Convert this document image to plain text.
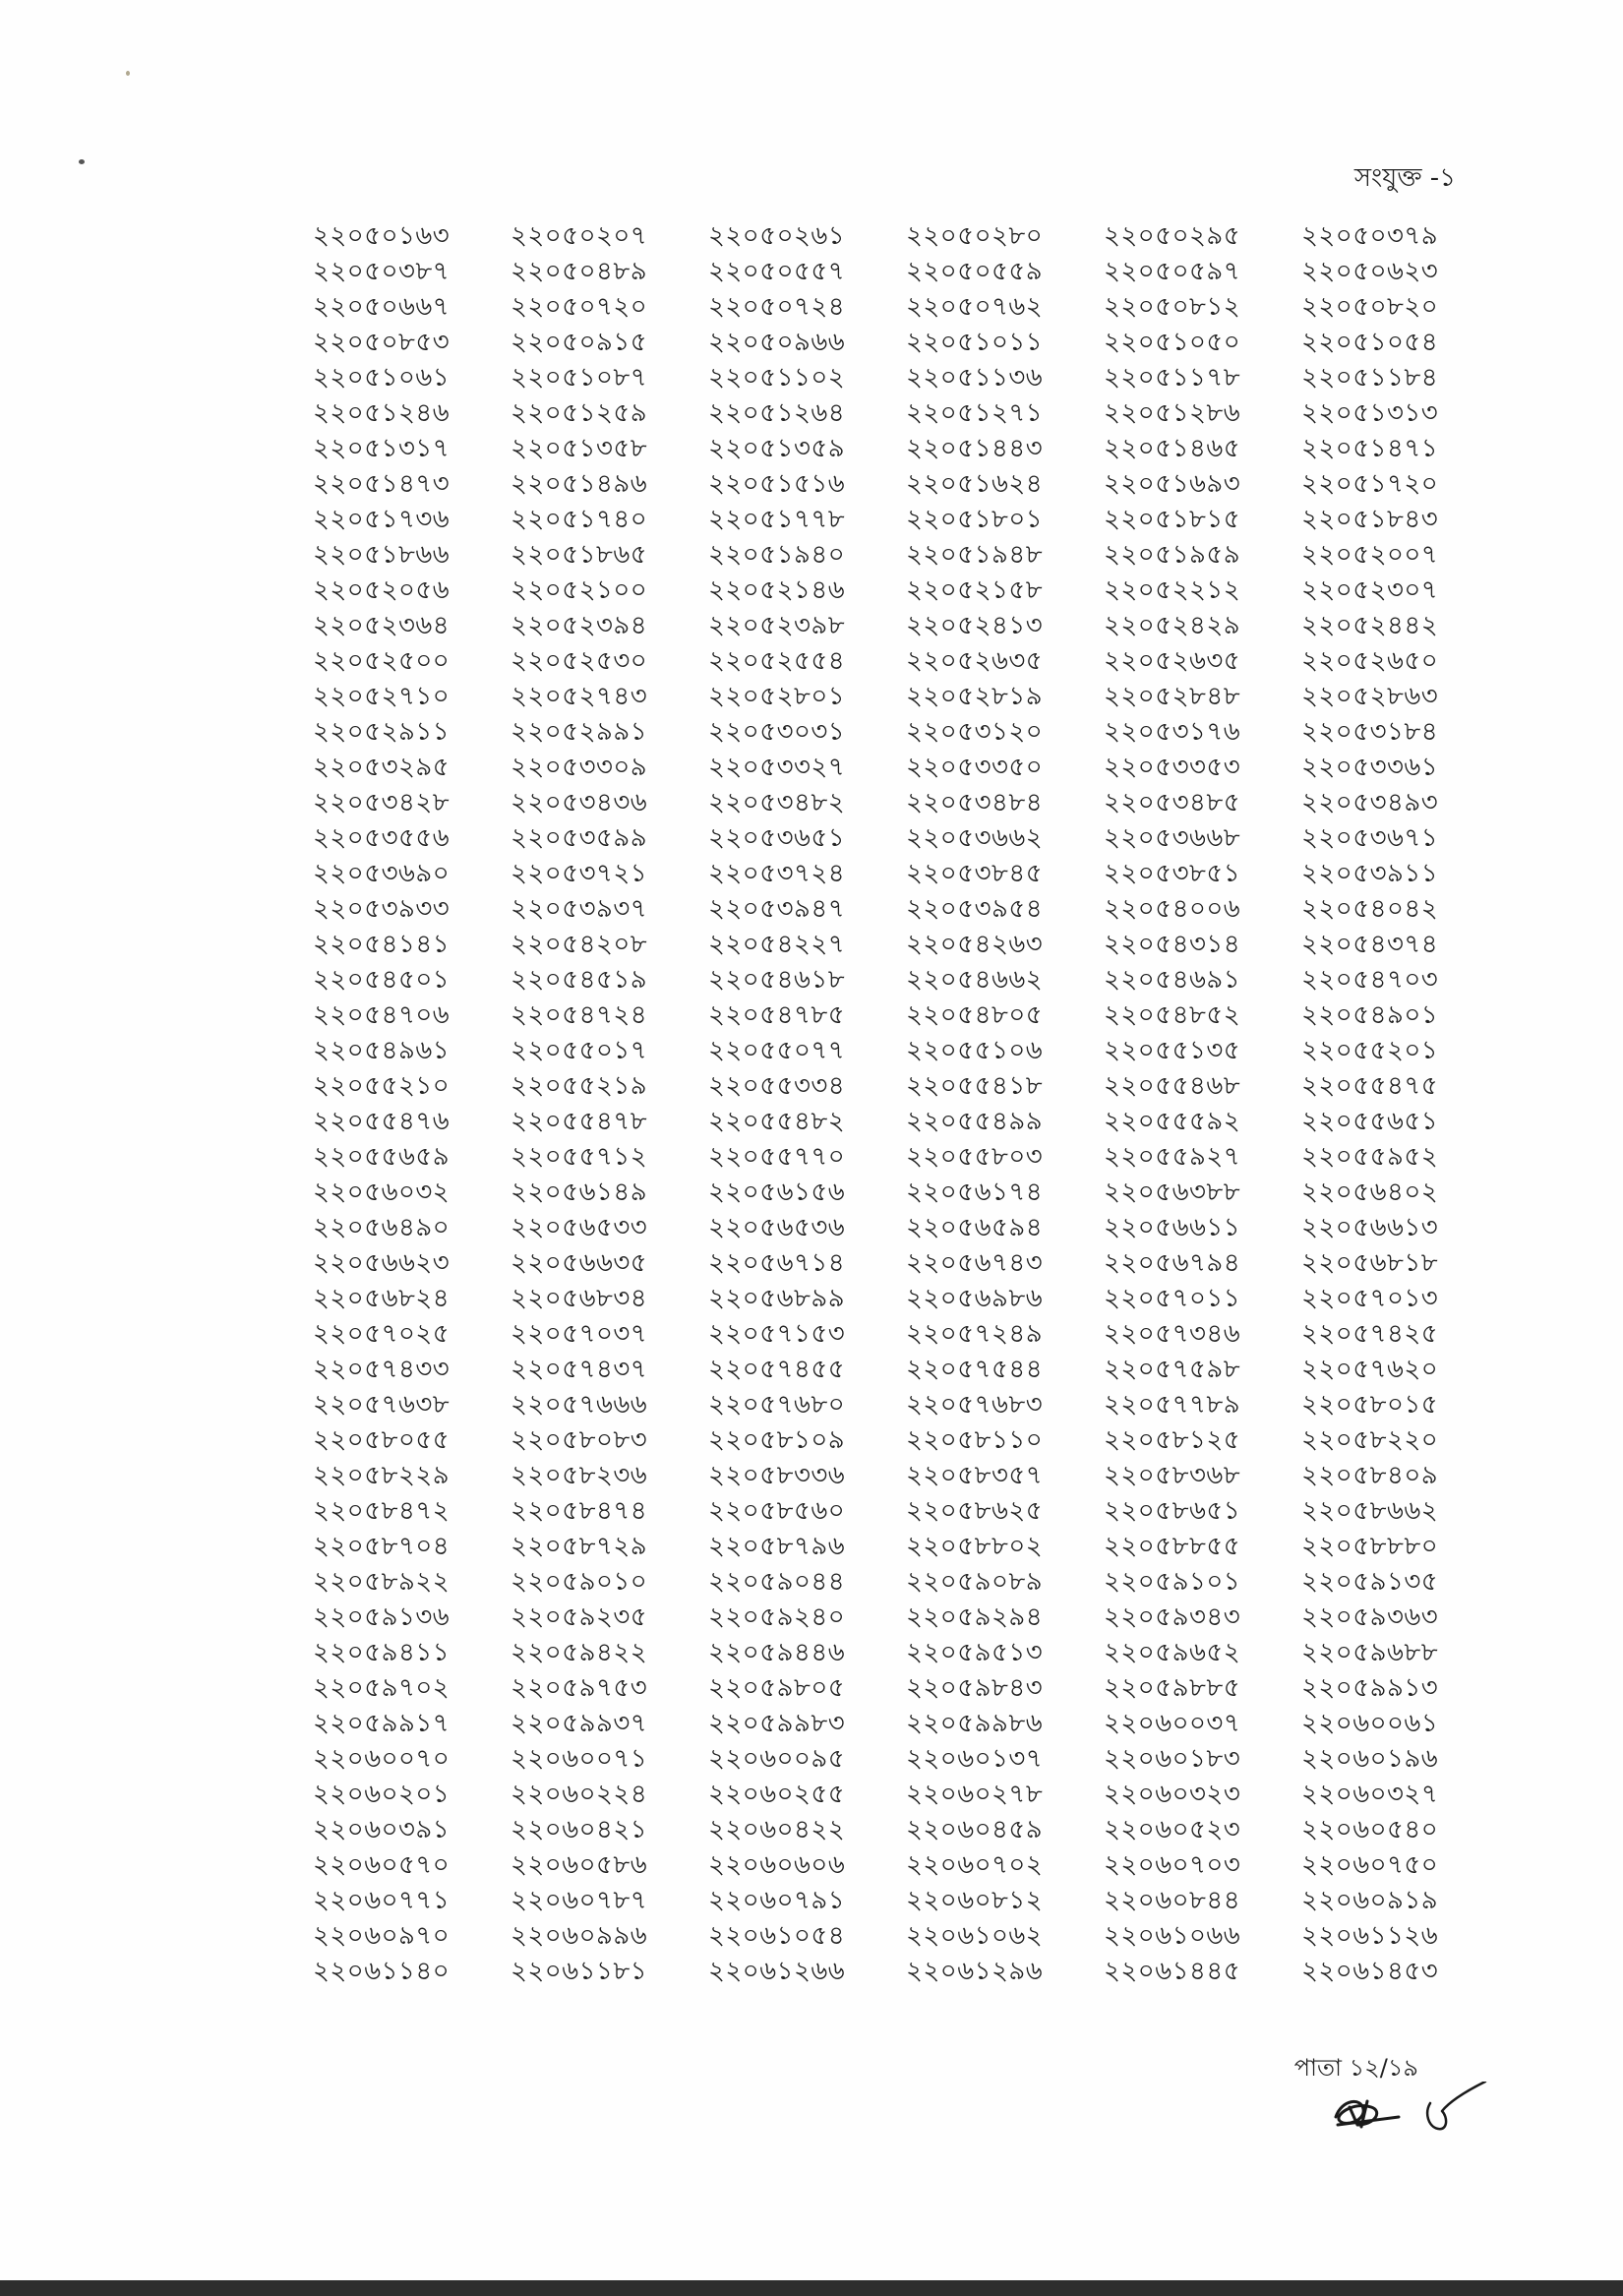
সংযুক্ত -১
২২০৫০১৬৩	২২০৫০২০৭	২২০৫০২৬১	২২০৫০২৮০	২২০৫০২৯৫	২২০৫০৩৭৯
২২০৫০৩৮৭	২২০৫০৪৮৯	২২০৫০৫৫৭	২২০৫০৫৫৯	২২০৫০৫৯৭	২২০৫০৬২৩
২২০৫০৬৬৭	২২০৫০৭২০	২২০৫০৭২৪	২২০৫০৭৬২	২২০৫০৮১২	২২০৫০৮২০
২২০৫০৮৫৩	২২০৫০৯১৫	২২০৫০৯৬৬	২২০৫১০১১	২২০৫১০৫০	২২০৫১০৫৪
২২০৫১০৬১	২২০৫১০৮৭	২২০৫১১০২	২২০৫১১৩৬	২২০৫১১৭৮	২২০৫১১৮৪
২২০৫১২৪৬	২২০৫১২৫৯	২২০৫১২৬৪	২২০৫১২৭১	২২০৫১২৮৬	২২০৫১৩১৩
২২০৫১৩১৭	২২০৫১৩৫৮	২২০৫১৩৫৯	২২০৫১৪৪৩	২২০৫১৪৬৫	২২০৫১৪৭১
২২০৫১৪৭৩	২২০৫১৪৯৬	২২০৫১৫১৬	২২০৫১৬২৪	২২০৫১৬৯৩	২২০৫১৭২০
২২০৫১৭৩৬	২২০৫১৭৪০	২২০৫১৭৭৮	২২০৫১৮০১	২২০৫১৮১৫	২২০৫১৮৪৩
২২০৫১৮৬৬	২২০৫১৮৬৫	২২০৫১৯৪০	২২০৫১৯৪৮	২২০৫১৯৫৯	২২০৫২০০৭
২২০৫২০৫৬	২২০৫২১০০	২২০৫২১৪৬	২২০৫২১৫৮	২২০৫২২১২	২২০৫২৩০৭
২২০৫২৩৬৪	২২০৫২৩৯৪	২২০৫২৩৯৮	২২০৫২৪১৩	২২০৫২৪২৯	২২০৫২৪৪২
২২০৫২৫০০	২২০৫২৫৩০	২২০৫২৫৫৪	২২০৫২৬৩৫	২২০৫২৬৩৫	২২০৫২৬৫০
২২০৫২৭১০	২২০৫২৭৪৩	২২০৫২৮০১	২২০৫২৮১৯	২২০৫২৮৪৮	২২০৫২৮৬৩
২২০৫২৯১১	২২০৫২৯৯১	২২০৫৩০৩১	২২০৫৩১২০	২২০৫৩১৭৬	২২০৫৩১৮৪
২২০৫৩২৯৫	২২০৫৩৩০৯	২২০৫৩৩২৭	২২০৫৩৩৫০	২২০৫৩৩৫৩	২২০৫৩৩৬১
২২০৫৩৪২৮	২২০৫৩৪৩৬	২২০৫৩৪৮২	২২০৫৩৪৮৪	২২০৫৩৪৮৫	২২০৫৩৪৯৩
২২০৫৩৫৫৬	২২০৫৩৫৯৯	২২০৫৩৬৫১	২২০৫৩৬৬২	২২০৫৩৬৬৮	২২০৫৩৬৭১
২২০৫৩৬৯০	২২০৫৩৭২১	২২০৫৩৭২৪	২২০৫৩৮৪৫	২২০৫৩৮৫১	২২০৫৩৯১১
২২০৫৩৯৩৩	২২০৫৩৯৩৭	২২০৫৩৯৪৭	২২০৫৩৯৫৪	২২০৫৪০০৬	২২০৫৪০৪২
২২০৫৪১৪১	২২০৫৪২০৮	২২০৫৪২২৭	২২০৫৪২৬৩	২২০৫৪৩১৪	২২০৫৪৩৭৪
২২০৫৪৫০১	২২০৫৪৫১৯	২২০৫৪৬১৮	২২০৫৪৬৬২	২২০৫৪৬৯১	২২০৫৪৭০৩
২২০৫৪৭০৬	২২০৫৪৭২৪	২২০৫৪৭৮৫	২২০৫৪৮০৫	২২০৫৪৮৫২	২২০৫৪৯০১
২২০৫৪৯৬১	২২০৫৫০১৭	২২০৫৫০৭৭	২২০৫৫১০৬	২২০৫৫১৩৫	২২০৫৫২০১
২২০৫৫২১০	২২০৫৫২১৯	২২০৫৫৩৩৪	২২০৫৫৪১৮	২২০৫৫৪৬৮	২২০৫৫৪৭৫
২২০৫৫৪৭৬	২২০৫৫৪৭৮	২২০৫৫৪৮২	২২০৫৫৪৯৯	২২০৫৫৫৯২	২২০৫৫৬৫১
২২০৫৫৬৫৯	২২০৫৫৭১২	২২০৫৫৭৭০	২২০৫৫৮০৩	২২০৫৫৯২৭	২২০৫৫৯৫২
২২০৫৬০৩২	২২০৫৬১৪৯	২২০৫৬১৫৬	২২০৫৬১৭৪	২২০৫৬৩৮৮	২২০৫৬৪০২
২২০৫৬৪৯০	২২০৫৬৫৩৩	২২০৫৬৫৩৬	২২০৫৬৫৯৪	২২০৫৬৬১১	২২০৫৬৬১৩
২২০৫৬৬২৩	২২০৫৬৬৩৫	২২০৫৬৭১৪	২২০৫৬৭৪৩	২২০৫৬৭৯৪	২২০৫৬৮১৮
২২০৫৬৮২৪	২২০৫৬৮৩৪	২২০৫৬৮৯৯	২২০৫৬৯৮৬	২২০৫৭০১১	২২০৫৭০১৩
২২০৫৭০২৫	২২০৫৭০৩৭	২২০৫৭১৫৩	২২০৫৭২৪৯	২২০৫৭৩৪৬	২২০৫৭৪২৫
২২০৫৭৪৩৩	২২০৫৭৪৩৭	২২০৫৭৪৫৫	২২০৫৭৫৪৪	২২০৫৭৫৯৮	২২০৫৭৬২০
২২০৫৭৬৩৮	২২০৫৭৬৬৬	২২০৫৭৬৮০	২২০৫৭৬৮৩	২২০৫৭৭৮৯	২২০৫৮০১৫
২২০৫৮০৫৫	২২০৫৮০৮৩	২২০৫৮১০৯	২২০৫৮১১০	২২০৫৮১২৫	২২০৫৮২২০
২২০৫৮২২৯	২২০৫৮২৩৬	২২০৫৮৩৩৬	২২০৫৮৩৫৭	২২০৫৮৩৬৮	২২০৫৮৪০৯
২২০৫৮৪৭২	২২০৫৮৪৭৪	২২০৫৮৫৬০	২২০৫৮৬২৫	২২০৫৮৬৫১	২২০৫৮৬৬২
২২০৫৮৭০৪	২২০৫৮৭২৯	২২০৫৮৭৯৬	২২০৫৮৮০২	২২০৫৮৮৫৫	২২০৫৮৮৮০
২২০৫৮৯২২	২২০৫৯০১০	২২০৫৯০৪৪	২২০৫৯০৮৯	২২০৫৯১০১	২২০৫৯১৩৫
২২০৫৯১৩৬	২২০৫৯২৩৫	২২০৫৯২৪০	২২০৫৯২৯৪	২২০৫৯৩৪৩	২২০৫৯৩৬৩
২২০৫৯৪১১	২২০৫৯৪২২	২২০৫৯৪৪৬	২২০৫৯৫১৩	২২০৫৯৬৫২	২২০৫৯৬৮৮
২২০৫৯৭০২	২২০৫৯৭৫৩	২২০৫৯৮০৫	২২০৫৯৮৪৩	২২০৫৯৮৮৫	২২০৫৯৯১৩
২২০৫৯৯১৭	২২০৫৯৯৩৭	২২০৫৯৯৮৩	২২০৫৯৯৮৬	২২০৬০০৩৭	২২০৬০০৬১
২২০৬০০৭০	২২০৬০০৭১	২২০৬০০৯৫	২২০৬০১৩৭	২২০৬০১৮৩	২২০৬০১৯৬
২২০৬০২০১	২২০৬০২২৪	২২০৬০২৫৫	২২০৬০২৭৮	২২০৬০৩২৩	২২০৬০৩২৭
২২০৬০৩৯১	২২০৬০৪২১	২২০৬০৪২২	২২০৬০৪৫৯	২২০৬০৫২৩	২২০৬০৫৪০
২২০৬০৫৭০	২২০৬০৫৮৬	২২০৬০৬০৬	২২০৬০৭০২	২২০৬০৭০৩	২২০৬০৭৫০
২২০৬০৭৭১	২২০৬০৭৮৭	২২০৬০৭৯১	২২০৬০৮১২	২২০৬০৮৪৪	২২০৬০৯১৯
২২০৬০৯৭০	২২০৬০৯৯৬	২২০৬১০৫৪	২২০৬১০৬২	২২০৬১০৬৬	২২০৬১১২৬
২২০৬১১৪০	২২০৬১১৮১	২২০৬১২৬৬	২২০৬১২৯৬	২২০৬১৪৪৫	২২০৬১৪৫৩
পাতা ১২/১৯
